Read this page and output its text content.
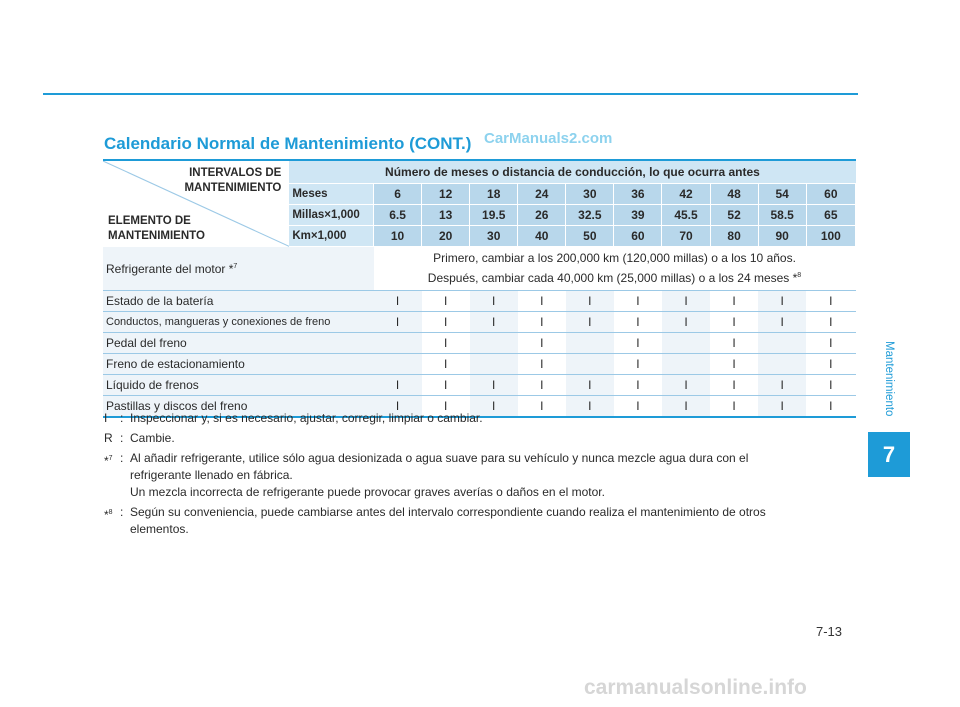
Calendario Normal de Mantenimiento (CONT.) CarManuals2.com
INTERVALOS DE
MANTENIMIENTO
ELEMENTO DE
MANTENIMIENTO	Número de meses o distancia de conducción, lo que ocurra antes										
	Meses	6	12	18	24	30	36	42	48	54	60
	Millas×1,000	6.5	13	19.5	26	32.5	39	45.5	52	58.5	65
	Km×1,000	10	20	30	40	50	60	70	80	90	100
Refrigerante del motor *$^7$		Primero, cambiar a los 200,000 km (120,000 millas) o a los 10 años.
Después, cambiar cada 40,000 km (25,000 millas) o a los 24 meses *$^8$

Estado de la batería		I	I	I	I	I	I	I	I	I	I
Conductos, mangueras y conexiones de freno		I	I	I	I	I	I	I	I	I	I
Pedal del freno			I		I		I		I		I
Freno de estacionamiento			I		I		I		I		I
Líquido de frenos		I	I	I	I	I	I	I	I	I	I
Pastillas y discos del freno		I	I	I	I	I	I	I	I	I	I
I	: Inspeccionar y, si es necesario, ajustar, corregir, limpiar o cambiar.
R : Cambie.
*$^7$ : Al añadir refrigerante, utilice sólo agua desionizada o agua suave para su vehículo y nunca mezcle agua dura con el
refrigerante llenado en fábrica.
Un mezcla incorrecta de refrigerante puede provocar graves averías o daños en el motor.
*$^8$ : Según su conveniencia, puede cambiarse antes del intervalo correspondiente cuando realiza el mantenimiento de otros
elementos.
Mantenimiento
7
7-13
carmanualsonline.info
